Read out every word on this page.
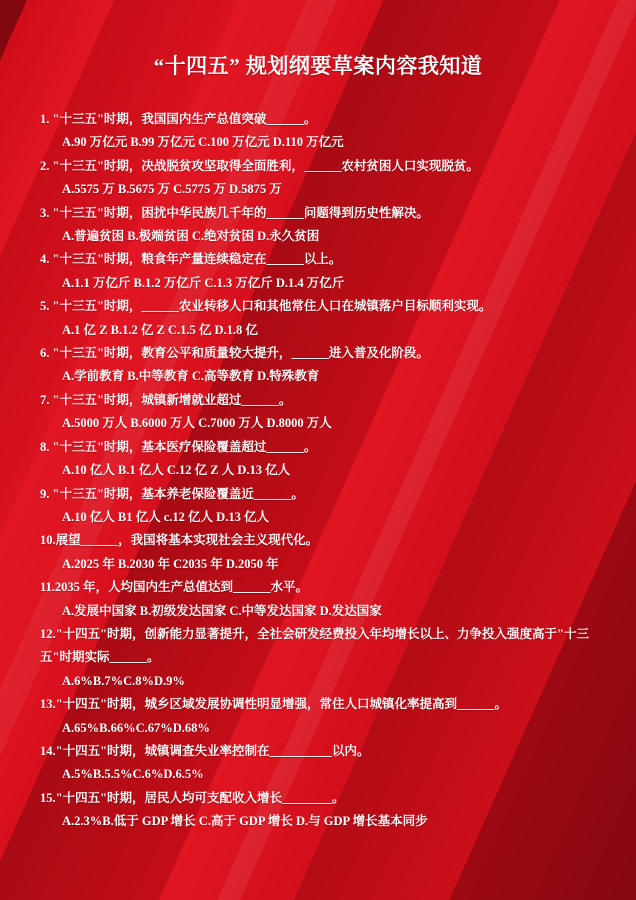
“十四五” 规划纲要草案内容我知道
1. "十三五"时期，我国国内生产总值突破______。
A.90 万亿元 B.99 万亿元 C.100 万亿元 D.110 万亿元
2. "十三五"时期，决战脱贫攻坚取得全面胜利，______农村贫困人口实现脱贫。
A.5575 万 B.5675 万 C.5775 万 D.5875 万
3. "十三五"时期，困扰中华民族几千年的______问题得到历史性解决。
A.普遍贫困 B.极端贫困 C.绝对贫困 D.永久贫困
4. "十三五"时期，粮食年产量连续稳定在______以上。
A.1.1 万亿斤 B.1.2 万亿斤 C.1.3 万亿斤 D.1.4 万亿斤
5. "十三五"时期，______农业转移人口和其他常住人口在城镇落户目标顺利实现。
A.1 亿 Z B.1.2 亿 Z C.1.5 亿 D.1.8 亿
6. "十三五"时期，教育公平和质量较大提升，______进入普及化阶段。
A.学前教育 B.中等教育 C.高等教育 D.特殊教育
7. "十三五"时期，城镇新增就业超过______。
A.5000 万人 B.6000 万人 C.7000 万人 D.8000 万人
8. "十三五"时期，基本医疗保险覆盖超过______。
A.10 亿人 B.1 亿人 C.12 亿 Z 人 D.13 亿人
9. "十三五"时期，基本养老保险覆盖近______。
A.10 亿人 B1 亿人 c.12 亿人 D.13 亿人
10.展望______，我国将基本实现社会主义现代化。
A.2025 年 B.2030 年 C2035 年 D.2050 年
11.2035 年，人均国内生产总值达到______水平。
A.发展中国家 B.初级发达国家 C.中等发达国家 D.发达国家
12."十四五"时期，创新能力显著提升，全社会研发经费投入年均增长以上、力争投入强度高于"十三五"时期实际______。
A.6%B.7%C.8%D.9%
13."十四五"时期，城乡区域发展协调性明显增强，常住人口城镇化率提高到______。
A.65%B.66%C.67%D.68%
14."十四五"时期，城镇调查失业率控制在__________以内。
A.5%B.5.5%C.6%D.6.5%
15."十四五"时期，居民人均可支配收入增长________。
A.2.3%B.低于 GDP 增长 C.高于 GDP 增长 D.与 GDP 增长基本同步
